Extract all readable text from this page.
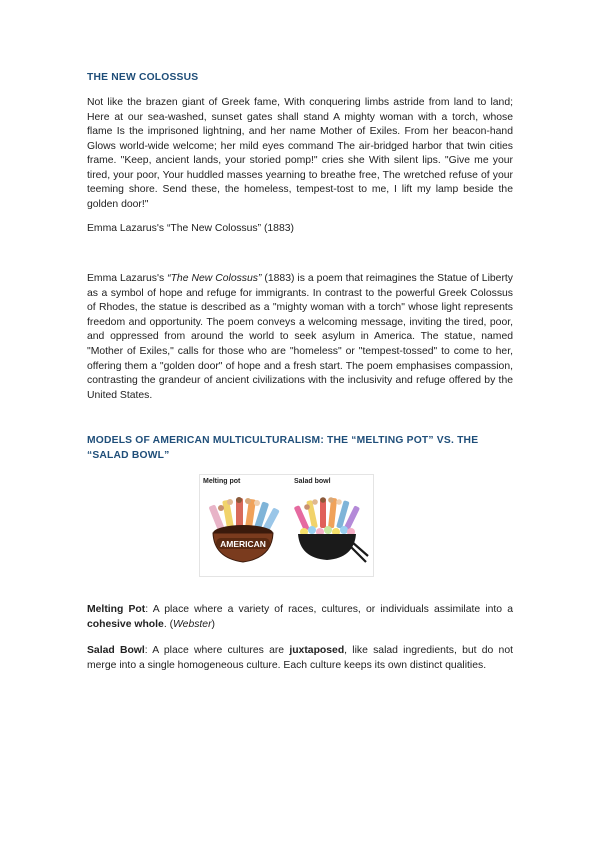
THE NEW COLOSSUS

Not like the brazen giant of Greek fame, With conquering limbs astride from land to land; Here at our sea-washed, sunset gates shall stand A mighty woman with a torch, whose flame Is the imprisoned lightning, and her name Mother of Exiles. From her beacon-hand Glows world-wide welcome; her mild eyes command The air-bridged harbor that twin cities frame. "Keep, ancient lands, your storied pomp!" cries she With silent lips. "Give me your tired, your poor, Your huddled masses yearning to breathe free, The wretched refuse of your teeming shore. Send these, the homeless, tempest-tost to me, I lift my lamp beside the golden door!"

Emma Lazarus's “The New Colossus” (1883)

Emma Lazarus's “The New Colossus” (1883) is a poem that reimagines the Statue of Liberty as a symbol of hope and refuge for immigrants. In contrast to the powerful Greek Colossus of Rhodes, the statue is described as a "mighty woman with a torch" whose light represents freedom and opportunity. The poem conveys a welcoming message, inviting the tired, poor, and oppressed from around the world to seek asylum in America. The statue, named "Mother of Exiles," calls for those who are "homeless" or "tempest-tossed" to come to her, offering them a "golden door" of hope and a fresh start. The poem emphasises compassion, contrasting the grandeur of ancient civilizations with the inclusivity and refuge offered by the United States.

MODELS OF AMERICAN MULTICULTURALISM: THE “MELTING POT” VS. THE “SALAD BOWL”
Melting pot	Salad bowl
AMERICAN

Melting Pot: A place where a variety of races, cultures, or individuals assimilate into a cohesive whole. (Webster)

Salad Bowl: A place where cultures are juxtaposed, like salad ingredients, but do not merge into a single homogeneous culture. Each culture keeps its own distinct qualities.
